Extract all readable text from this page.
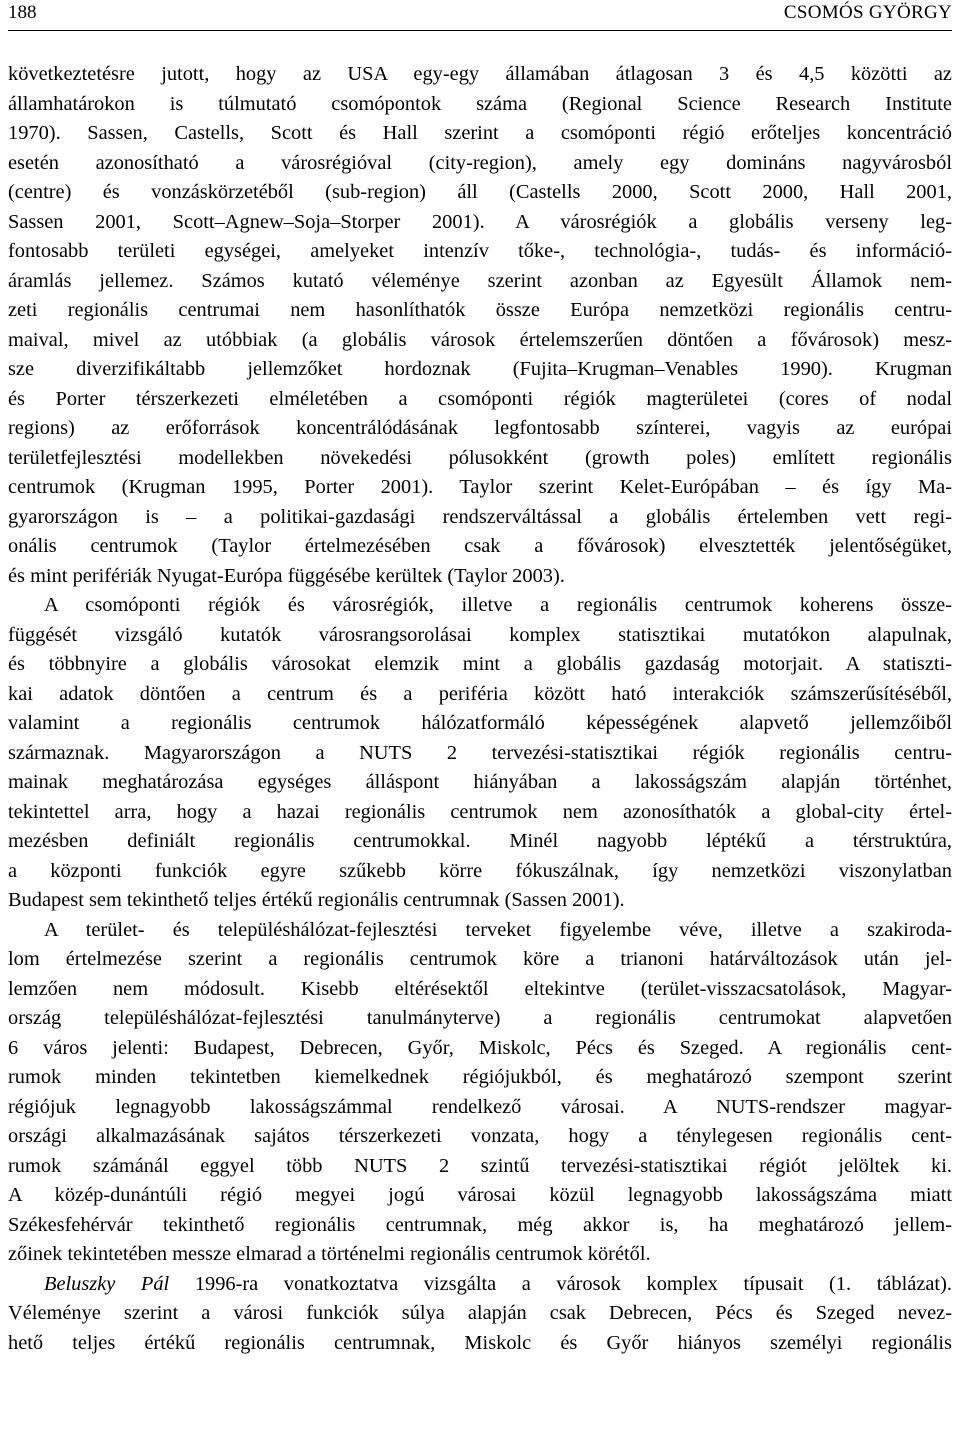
188	CSOMÓS GYÖRGY
következtetésre jutott, hogy az USA egy-egy államában átlagosan 3 és 4,5 közötti az
államhatárokon is túlmutató csomópontok száma (Regional Science Research Institute
1970). Sassen, Castells, Scott és Hall szerint a csomóponti régió erőteljes koncentráció
esetén azonosítható a városrégióval (city-region), amely egy domináns nagyvárosból
(centre) és vonzáskörzetéből (sub-region) áll (Castells 2000, Scott 2000, Hall 2001,
Sassen 2001, Scott–Agnew–Soja–Storper 2001). A városrégiók a globális verseny leg-
fontosabb területi egységei, amelyeket intenzív tőke-, technológia-, tudás- és információ-
áramlás jellemez. Számos kutató véleménye szerint azonban az Egyesült Államok nem-
zeti regionális centrumai nem hasonlíthatók össze Európa nemzetközi regionális centru-
maival, mivel az utóbbiak (a globális városok értelemszerűen döntően a fővárosok) mesz-
sze diverzifikáltabb jellemzőket hordoznak (Fujita–Krugman–Venables 1990). Krugman
és Porter térszerkezeti elméletében a csomóponti régiók magterületei (cores of nodal
regions) az erőforrások koncentrálódásának legfontosabb színterei, vagyis az európai
területfejlesztési modellekben növekedési pólusokként (growth poles) említett regionális
centrumok (Krugman 1995, Porter 2001). Taylor szerint Kelet-Európában – és így Ma-
gyarországon is – a politikai-gazdasági rendszerváltással a globális értelemben vett regi-
onális centrumok (Taylor értelmezésében csak a fővárosok) elvesztették jelentőségüket,
és mint perifériák Nyugat-Európa függésébe kerültek (Taylor 2003).
A csomóponti régiók és városrégiók, illetve a regionális centrumok koherens össze-
függését vizsgáló kutatók városrangsorolásai komplex statisztikai mutatókon alapulnak,
és többnyire a globális városokat elemzik mint a globális gazdaság motorjait. A statiszti-
kai adatok döntően a centrum és a periféria között ható interakciók számszerűsítéséből,
valamint a regionális centrumok hálózatformáló képességének alapvető jellemzőiből
származnak. Magyarországon a NUTS 2 tervezési-statisztikai régiók regionális centru-
mainak meghatározása egységes álláspont hiányában a lakosságszám alapján történhet,
tekintettel arra, hogy a hazai regionális centrumok nem azonosíthatók a global-city értel-
mezésben definiált regionális centrumokkal. Minél nagyobb léptékű a térstruktúra,
a központi funkciók egyre szűkebb körre fókuszálnak, így nemzetközi viszonylatban
Budapest sem tekinthető teljes értékű regionális centrumnak (Sassen 2001).
A terület- és településhálózat-fejlesztési terveket figyelembe véve, illetve a szakiroda-
lom értelmezése szerint a regionális centrumok köre a trianoni határváltozások után jel-
lemzően nem módosult. Kisebb eltérésektől eltekintve (terület-visszacsatolások, Magyar-
ország településhálózat-fejlesztési tanulmányterve) a regionális centrumokat alapvetően
6 város jelenti: Budapest, Debrecen, Győr, Miskolc, Pécs és Szeged. A regionális cent-
rumok minden tekintetben kiemelkednek régiójukból, és meghatározó szempont szerint
régiójuk legnagyobb lakosságszámmal rendelkező városai. A NUTS-rendszer magyar-
országi alkalmazásának sajátos térszerkezeti vonzata, hogy a ténylegesen regionális cent-
rumok számánál eggyel több NUTS 2 szintű tervezési-statisztikai régiót jelöltek ki.
A közép-dunántúli régió megyei jogú városai közül legnagyobb lakosságszáma miatt
Székesfehérvár tekinthető regionális centrumnak, még akkor is, ha meghatározó jellem-
zőinek tekintetében messze elmarad a történelmi regionális centrumok körétől.
Beluszky Pál 1996-ra vonatkoztatva vizsgálta a városok komplex típusait (1. táblázat).
Véleménye szerint a városi funkciók súlya alapján csak Debrecen, Pécs és Szeged nevez-
hető teljes értékű regionális centrumnak, Miskolc és Győr hiányos személyi regionális
